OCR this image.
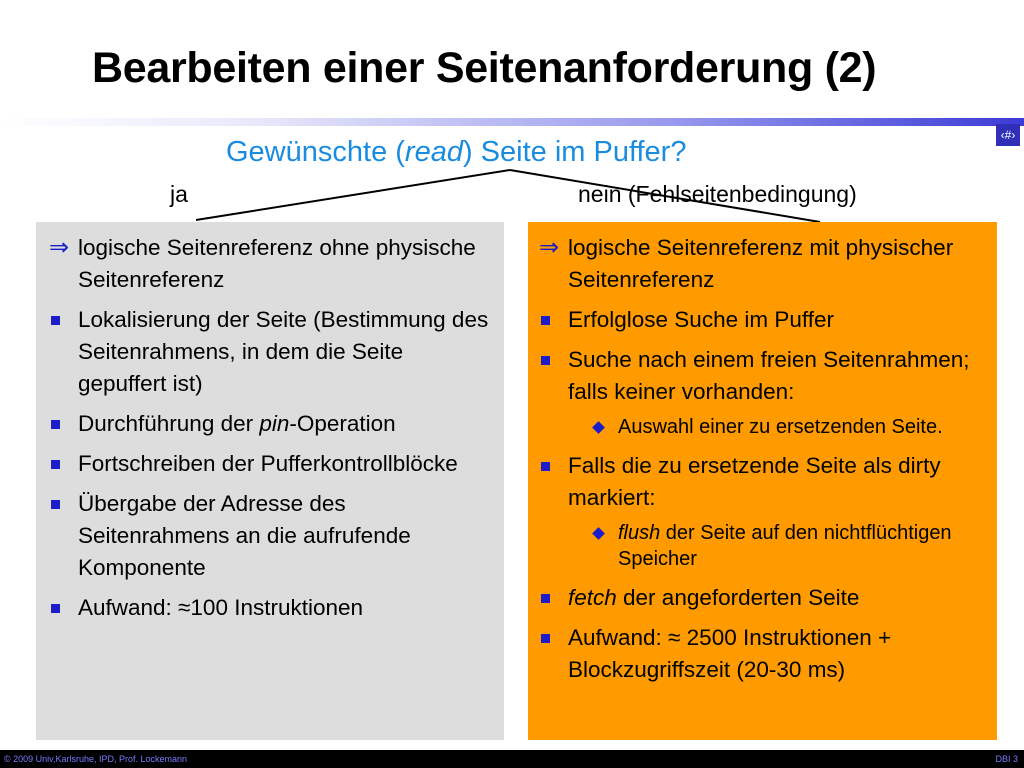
Bearbeiten einer Seitenanforderung (2)
‹#›
Gewünschte (read) Seite im Puffer?
ja	nein (Fehlseitenbedingung)
⇒ logische Seitenreferenz ohne physische Seitenreferenz
Lokalisierung der Seite (Bestimmung des Seitenrahmens, in dem die Seite gepuffert ist)
Durchführung der pin-Operation
Fortschreiben der Pufferkontrollblöcke
Übergabe der Adresse des Seitenrahmens an die aufrufende Komponente
Aufwand: ≈100 Instruktionen
⇒ logische Seitenreferenz mit physischer Seitenreferenz
Erfolglose Suche im Puffer
Suche nach einem freien Seitenrahmen; falls keiner vorhanden:
Auswahl einer zu ersetzenden Seite.
Falls die zu ersetzende Seite als dirty markiert:
flush der Seite auf den nichtflüchtigen Speicher
fetch der angeforderten Seite
Aufwand: ≈ 2500 Instruktionen + Blockzugriffszeit (20-30 ms)
© 2009 Univ,Karlsruhe, IPD, Prof. Lockemann	DBI 3
